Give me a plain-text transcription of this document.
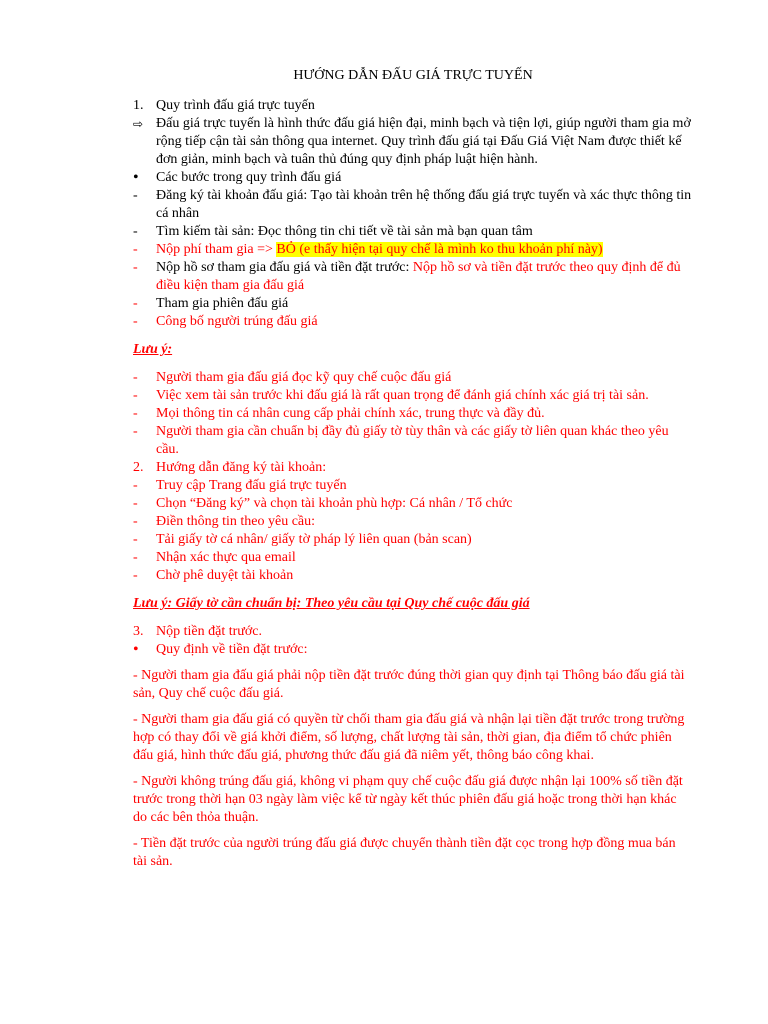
HƯỚNG DẪN ĐẤU GIÁ TRỰC TUYẾN
1. Quy trình đấu giá trực tuyến
⇨ Đấu giá trực tuyến là hình thức đấu giá hiện đại, minh bạch và tiện lợi, giúp người tham gia mở rộng tiếp cận tài sản thông qua internet. Quy trình đấu giá tại Đấu Giá Việt Nam được thiết kế đơn giản, minh bạch và tuân thủ đúng quy định pháp luật hiện hành.
•	Các bước trong quy trình đấu giá
-	Đăng ký tài khoản đấu giá: Tạo tài khoản trên hệ thống đấu giá trực tuyến và xác thực thông tin cá nhân
-	Tìm kiếm tài sản: Đọc thông tin chi tiết về tài sản mà bạn quan tâm
-	Nộp phí tham gia => BỎ (e thấy hiện tại quy chế là mình ko thu khoản phí này)
-	Nộp hồ sơ tham gia đấu giá và tiền đặt trước: Nộp hồ sơ và tiền đặt trước theo quy định để đủ điều kiện tham gia đấu giá
-	Tham gia phiên đấu giá
-	Công bố người trúng đấu giá
Lưu ý:
-	Người tham gia đấu giá đọc kỹ quy chế cuộc đấu giá
-	Việc xem tài sản trước khi đấu giá là rất quan trọng để đánh giá chính xác giá trị tài sản.
-	Mọi thông tin cá nhân cung cấp phải chính xác, trung thực và đầy đủ.
-	Người tham gia cần chuẩn bị đầy đủ giấy tờ tùy thân và các giấy tờ liên quan khác theo yêu cầu.
2. Hướng dẫn đăng ký tài khoản:
-	Truy cập Trang đấu giá trực tuyến
-	Chọn “Đăng ký” và chọn tài khoản phù hợp: Cá nhân / Tổ chức
-	Điền thông tin theo yêu cầu:
-	Tải giấy tờ cá nhân/ giấy tờ pháp lý liên quan (bản scan)
-	Nhận xác thực qua email
-	Chờ phê duyệt tài khoản
Lưu ý: Giấy tờ cần chuẩn bị: Theo yêu cầu tại Quy chế cuộc đấu giá
3. Nộp tiền đặt trước.
•	Quy định về tiền đặt trước:

- Người tham gia đấu giá phải nộp tiền đặt trước đúng thời gian quy định tại Thông báo đấu giá tài sản, Quy chế cuộc đấu giá.

- Người tham gia đấu giá có quyền từ chối tham gia đấu giá và nhận lại tiền đặt trước trong trường hợp có thay đổi về giá khởi điểm, số lượng, chất lượng tài sản, thời gian, địa điểm tổ chức phiên đấu giá, hình thức đấu giá, phương thức đấu giá đã niêm yết, thông báo công khai.

- Người không trúng đấu giá, không vi phạm quy chế cuộc đấu giá được nhận lại 100% số tiền đặt trước trong thời hạn 03 ngày làm việc kể từ ngày kết thúc phiên đấu giá hoặc trong thời hạn khác do các bên thỏa thuận.

- Tiền đặt trước của người trúng đấu giá được chuyển thành tiền đặt cọc trong hợp đồng mua bán tài sản.
